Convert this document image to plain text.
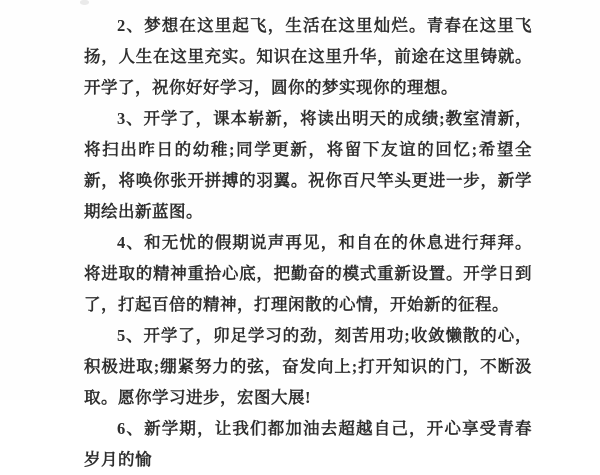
2、梦想在这里起飞，生活在这里灿烂。青春在这里飞扬，人生在这里充实。知识在这里升华，前途在这里铸就。开学了，祝你好好学习，圆你的梦实现你的理想。

3、开学了，课本崭新，将读出明天的成绩;教室清新，将扫出昨日的幼稚;同学更新，将留下友谊的回忆;希望全新，将唤你张开拼搏的羽翼。祝你百尺竿头更进一步，新学期绘出新蓝图。

4、和无忧的假期说声再见，和自在的休息进行拜拜。将进取的精神重拾心底，把勤奋的模式重新设置。开学日到了，打起百倍的精神，打理闲散的心情，开始新的征程。

5、开学了，卯足学习的劲，刻苦用功;收敛懒散的心，积极进取;绷紧努力的弦，奋发向上;打开知识的门，不断汲取。愿你学习进步，宏图大展!

6、新学期，让我们都加油去超越自己，开心享受青春岁月的愉
